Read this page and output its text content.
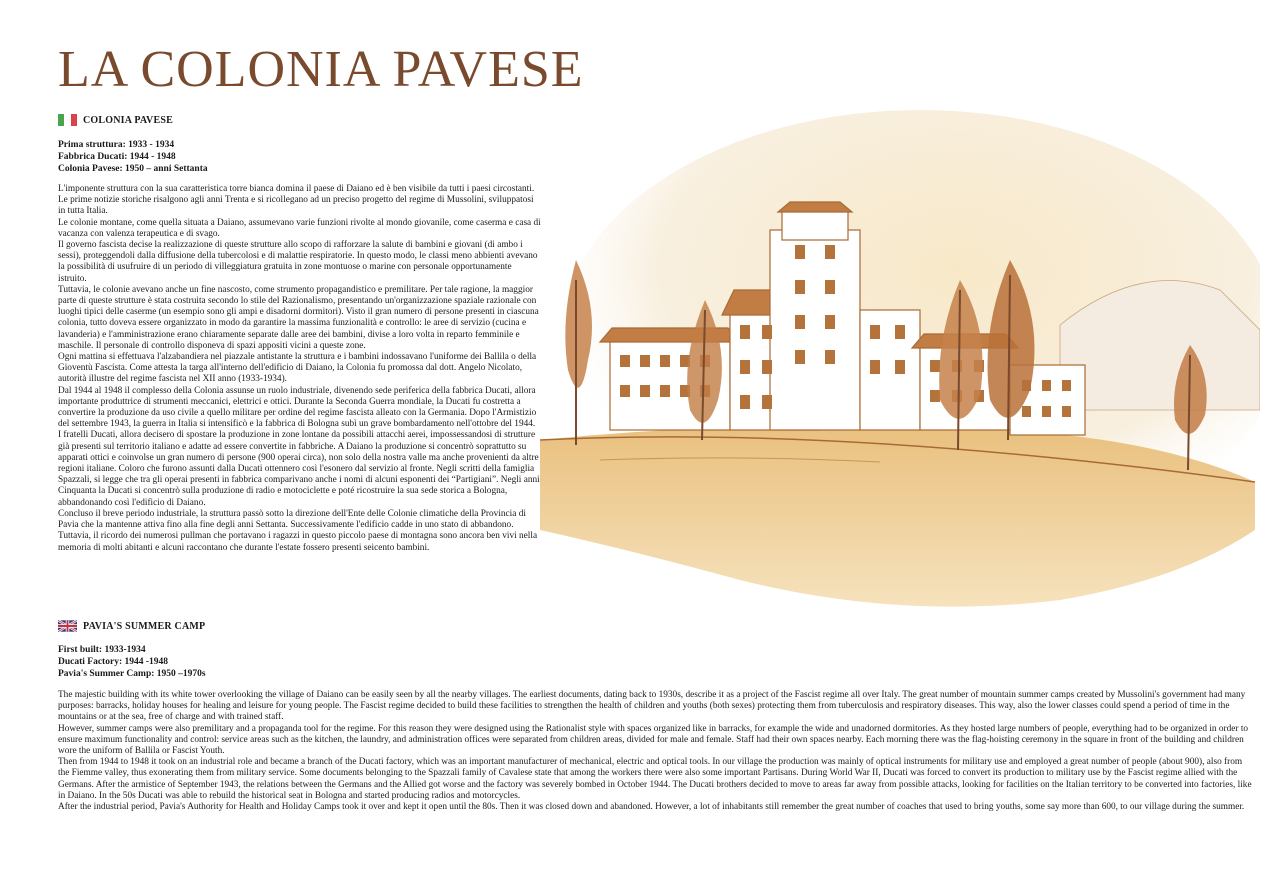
LA COLONIA PAVESE
COLONIA PAVESE
Prima struttura: 1933 - 1934
Fabbrica Ducati: 1944 - 1948
Colonia Pavese: 1950 – anni Settanta

L'imponente struttura con la sua caratteristica torre bianca domina il paese di Daiano ed è ben visibile da tutti i paesi circostanti.

Le prime notizie storiche risalgono agli anni Trenta e si ricollegano ad un preciso progetto del regime di Mussolini, sviluppatosi in tutta Italia.

Le colonie montane, come quella situata a Daiano, assumevano varie funzioni rivolte al mondo giovanile, come caserma e casa di vacanza con valenza terapeutica e di svago.

Il governo fascista decise la realizzazione di queste strutture allo scopo di rafforzare la salute di bambini e giovani (di ambo i sessi), proteggendoli dalla diffusione della tubercolosi e di malattie respiratorie. In questo modo, le classi meno abbienti avevano la possibilità di usufruire di un periodo di villeggiatura gratuita in zone montuose o marine con personale opportunamente istruito.

Tuttavia, le colonie avevano anche un fine nascosto, come strumento propagandistico e premilitare. Per tale ragione, la maggior parte di queste strutture è stata costruita secondo lo stile del Razionalismo, presentando un'organizzazione spaziale razionale con luoghi tipici delle caserme (un esempio sono gli ampi e disadorni dormitori). Visto il gran numero di persone presenti in ciascuna colonia, tutto doveva essere organizzato in modo da garantire la massima funzionalità e controllo: le aree di servizio (cucina e lavanderia) e l'amministrazione erano chiaramente separate dalle aree dei bambini, divise a loro volta in reparto femminile e maschile. Il personale di controllo disponeva di spazi appositi vicini a queste zone.

Ogni mattina si effettuava l'alzabandiera nel piazzale antistante la struttura e i bambini indossavano l'uniforme dei Ballila o della Gioventù Fascista. Come attesta la targa all'interno dell'edificio di Daiano, la Colonia fu promossa dal dott. Angelo Nicolato, autorità illustre del regime fascista nel XII anno (1933-1934).

Dal 1944 al 1948 il complesso della Colonia assunse un ruolo industriale, divenendo sede periferica della fabbrica Ducati, allora importante produttrice di strumenti meccanici, elettrici e ottici. Durante la Seconda Guerra mondiale, la Ducati fu costretta a convertire la produzione da uso civile a quello militare per ordine del regime fascista alleato con la Germania. Dopo l'Armistizio del settembre 1943, la guerra in Italia si intensificò e la fabbrica di Bologna subì un grave bombardamento nell'ottobre del 1944.

I fratelli Ducati, allora decisero di spostare la produzione in zone lontane da possibili attacchi aerei, impossessandosi di strutture già presenti sul territorio italiano e adatte ad essere convertite in fabbriche. A Daiano la produzione si concentrò soprattutto su apparati ottici e coinvolse un gran numero di persone (900 operai circa), non solo della nostra valle ma anche provenienti da altre regioni italiane. Coloro che furono assunti dalla Ducati ottennero così l'esonero dal servizio al fronte. Negli scritti della famiglia Spazzali, si legge che tra gli operai presenti in fabbrica comparivano anche i nomi di alcuni esponenti dei “Partigiani”. Negli anni Cinquanta la Ducati si concentrò sulla produzione di radio e motociclette e poté ricostruire la sua sede storica a Bologna, abbandonando così l'edificio di Daiano.

Concluso il breve periodo industriale, la struttura passò sotto la direzione dell'Ente delle Colonie climatiche della Provincia di Pavia che la mantenne attiva fino alla fine degli anni Settanta. Successivamente l'edificio cadde in uno stato di abbandono. Tuttavia, il ricordo dei numerosi pullman che portavano i ragazzi in questo piccolo paese di montagna sono ancora ben vivi nella memoria di molti abitanti e alcuni raccontano che durante l'estate fossero presenti seicento bambini.

PAVIA'S SUMMER CAMP
First built: 1933-1934
Ducati Factory: 1944 -1948
Pavia's Summer Camp: 1950 –1970s

The majestic building with its white tower overlooking the village of Daiano can be easily seen by all the nearby villages. The earliest documents, dating back to 1930s, describe it as a project of the Fascist regime all over Italy. The great number of mountain summer camps created by Mussolini's government had many purposes: barracks, holiday houses for healing and leisure for young people. The Fascist regime decided to build these facilities to strengthen the health of children and youths (both sexes) protecting them from tuberculosis and respiratory diseases. This way, also the lower classes could spend a period of time in the mountains or at the sea, free of charge and with trained staff.

However, summer camps were also premilitary and a propaganda tool for the regime. For this reason they were designed using the Rationalist style with spaces organized like in barracks, for example the wide and unadorned dormitories. As they hosted large numbers of people, everything had to be organized in order to ensure maximum functionality and control: service areas such as the kitchen, the laundry, and administration offices were separated from children areas, divided for male and female. Staff had their own spaces nearby. Each morning there was the flag-hoisting ceremony in the square in front of the building and children wore the uniform of Ballila or Fascist Youth.

Then from 1944 to 1948 it took on an industrial role and became a branch of the Ducati factory, which was an important manufacturer of mechanical, electric and optical tools. In our village the production was mainly of optical instruments for military use and employed a great number of people (about 900), also from the Fiemme valley, thus exonerating them from military service. Some documents belonging to the Spazzali family of Cavalese state that among the workers there were also some important Partisans. During World War II, Ducati was forced to convert its production to military use by the Fascist regime allied with the Germans. After the armistice of September 1943, the relations between the Germans and the Allied got worse and the factory was severely bombed in October 1944. The Ducati brothers decided to move to areas far away from possible attacks, looking for facilities on the Italian territory to be converted into factories, like in Daiano. In the 50s Ducati was able to rebuild the historical seat in Bologna and started producing radios and motorcycles.

After the industrial period, Pavia's Authority for Health and Holiday Camps took it over and kept it open until the 80s. Then it was closed down and abandoned. However, a lot of inhabitants still remember the great number of coaches that used to bring youths, some say more than 600, to our village during the summer.
